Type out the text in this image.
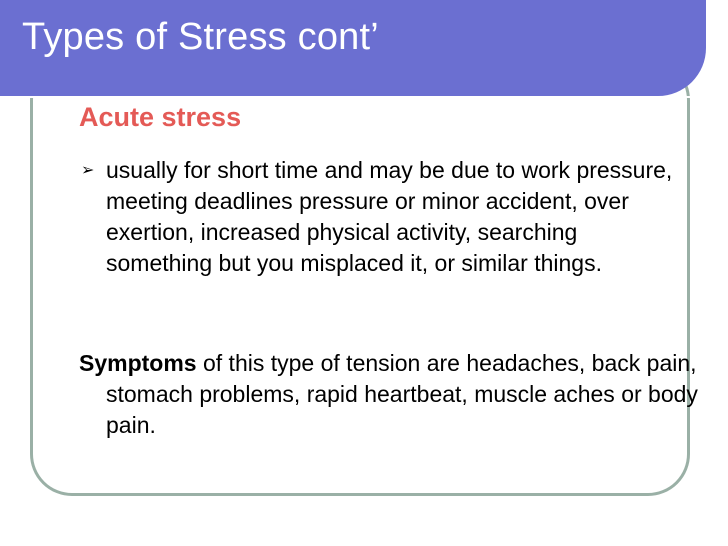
Types of Stress cont’
Acute stress
➢ usually for short time and may be due to work pressure, meeting deadlines pressure or minor accident, over exertion, increased physical activity, searching something but you misplaced it, or similar things.

Symptoms of this type of tension are headaches, back pain, stomach problems, rapid heartbeat, muscle aches or body pain.
